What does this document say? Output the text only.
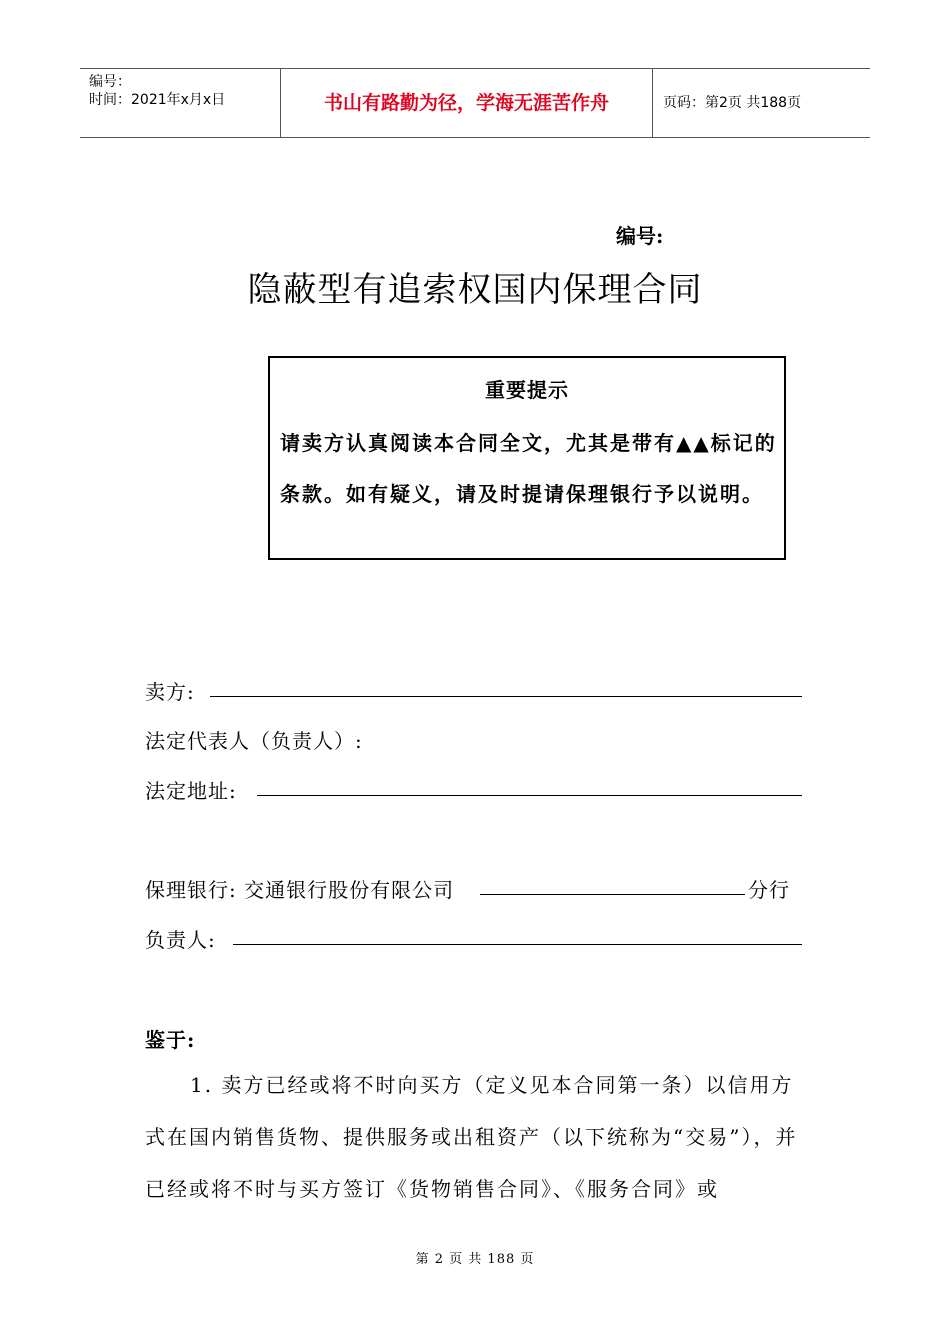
编号：
时间：2021年x月x日	书山有路勤为径，学海无涯苦作舟	页码：第2页 共188页
编号:
隐蔽型有追索权国内保理合同
重要提示
请卖方认真阅读本合同全文，尤其是带有▲▲标记的条款。如有疑义，请及时提请保理银行予以说明。
卖方:
法定代表人（负责人）:
法定地址:
保理银行: 交通银行股份有限公司	分行
负责人:
鉴于:
1. 卖方已经或将不时向买方（定义见本合同第一条）以信用方式在国内销售货物、提供服务或出租资产（以下统称为“交易”），并已经或将不时与买方签订《货物销售合同》、《服务合同》或
第 2 页 共 188 页
